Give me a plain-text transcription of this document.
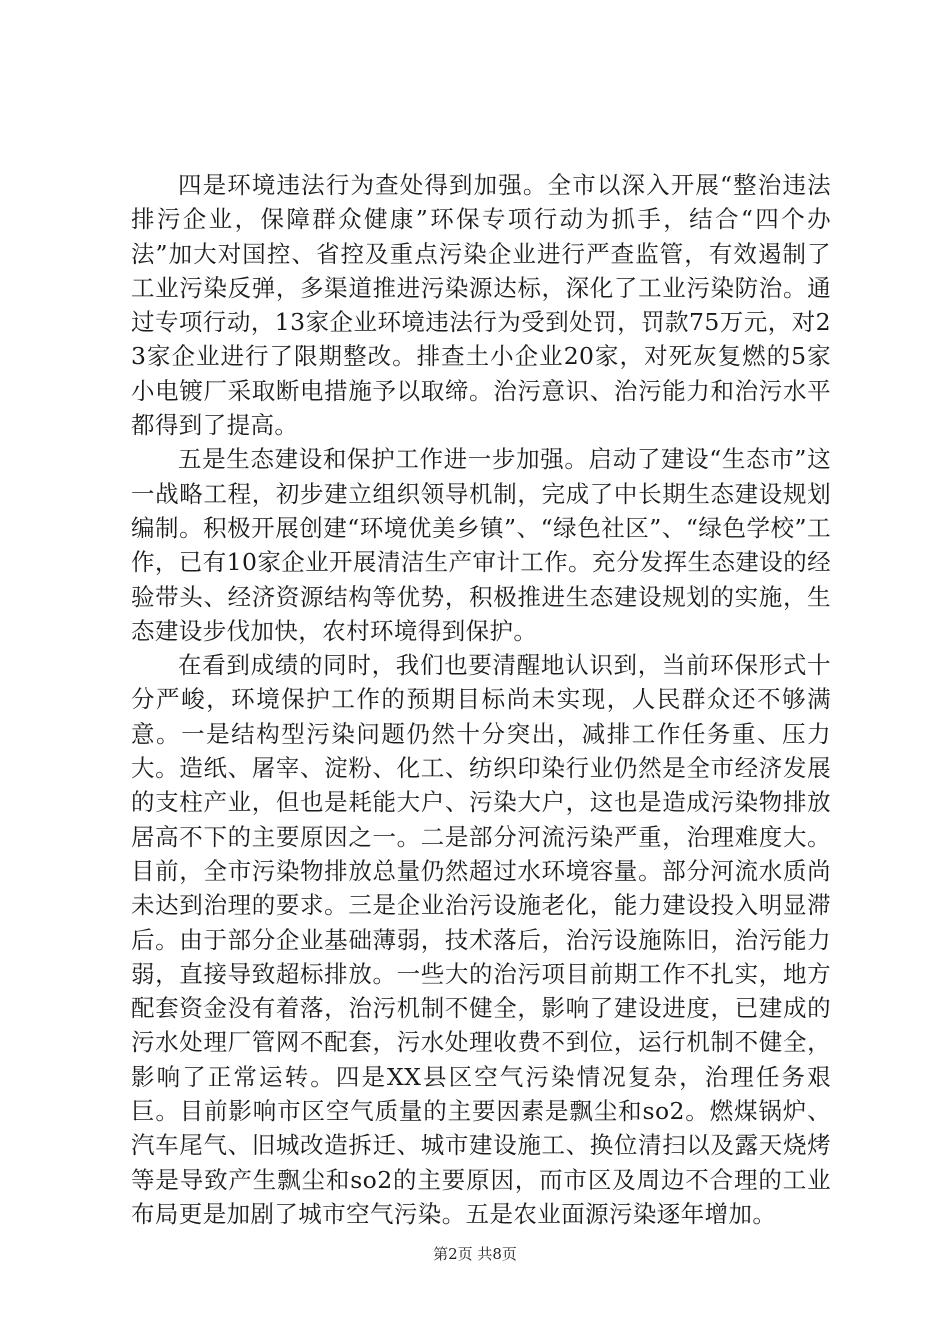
四是环境违法行为查处得到加强。全市以深入开展“整治违法排污企业，保障群众健康”环保专项行动为抓手，结合“四个办法”加大对国控、省控及重点污染企业进行严查监管，有效遏制了工业污染反弹，多渠道推进污染源达标，深化了工业污染防治。通过专项行动，13家企业环境违法行为受到处罚，罚款75万元，对23家企业进行了限期整改。排查土小企业20家，对死灰复燃的5家小电镀厂采取断电措施予以取缔。治污意识、治污能力和治污水平都得到了提高。

五是生态建设和保护工作进一步加强。启动了建设“生态市”这一战略工程，初步建立组织领导机制，完成了中长期生态建设规划编制。积极开展创建“环境优美乡镇”、“绿色社区”、“绿色学校”工作，已有10家企业开展清洁生产审计工作。充分发挥生态建设的经验带头、经济资源结构等优势，积极推进生态建设规划的实施，生态建设步伐加快，农村环境得到保护。

在看到成绩的同时，我们也要清醒地认识到，当前环保形式十分严峻，环境保护工作的预期目标尚未实现，人民群众还不够满意。一是结构型污染问题仍然十分突出，减排工作任务重、压力大。造纸、屠宰、淀粉、化工、纺织印染行业仍然是全市经济发展的支柱产业，但也是耗能大户、污染大户，这也是造成污染物排放居高不下的主要原因之一。二是部分河流污染严重，治理难度大。目前，全市污染物排放总量仍然超过水环境容量。部分河流水质尚未达到治理的要求。三是企业治污设施老化，能力建设投入明显滞后。由于部分企业基础薄弱，技术落后，治污设施陈旧，治污能力弱，直接导致超标排放。一些大的治污项目前期工作不扎实，地方配套资金没有着落，治污机制不健全，影响了建设进度，已建成的污水处理厂管网不配套，污水处理收费不到位，运行机制不健全，影响了正常运转。四是XX县区空气污染情况复杂，治理任务艰巨。目前影响市区空气质量的主要因素是飘尘和so2。燃煤锅炉、汽车尾气、旧城改造拆迁、城市建设施工、换位清扫以及露天烧烤等是导致产生飘尘和so2的主要原因，而市区及周边不合理的工业布局更是加剧了城市空气污染。五是农业面源污染逐年增加。

第2页 共8页
